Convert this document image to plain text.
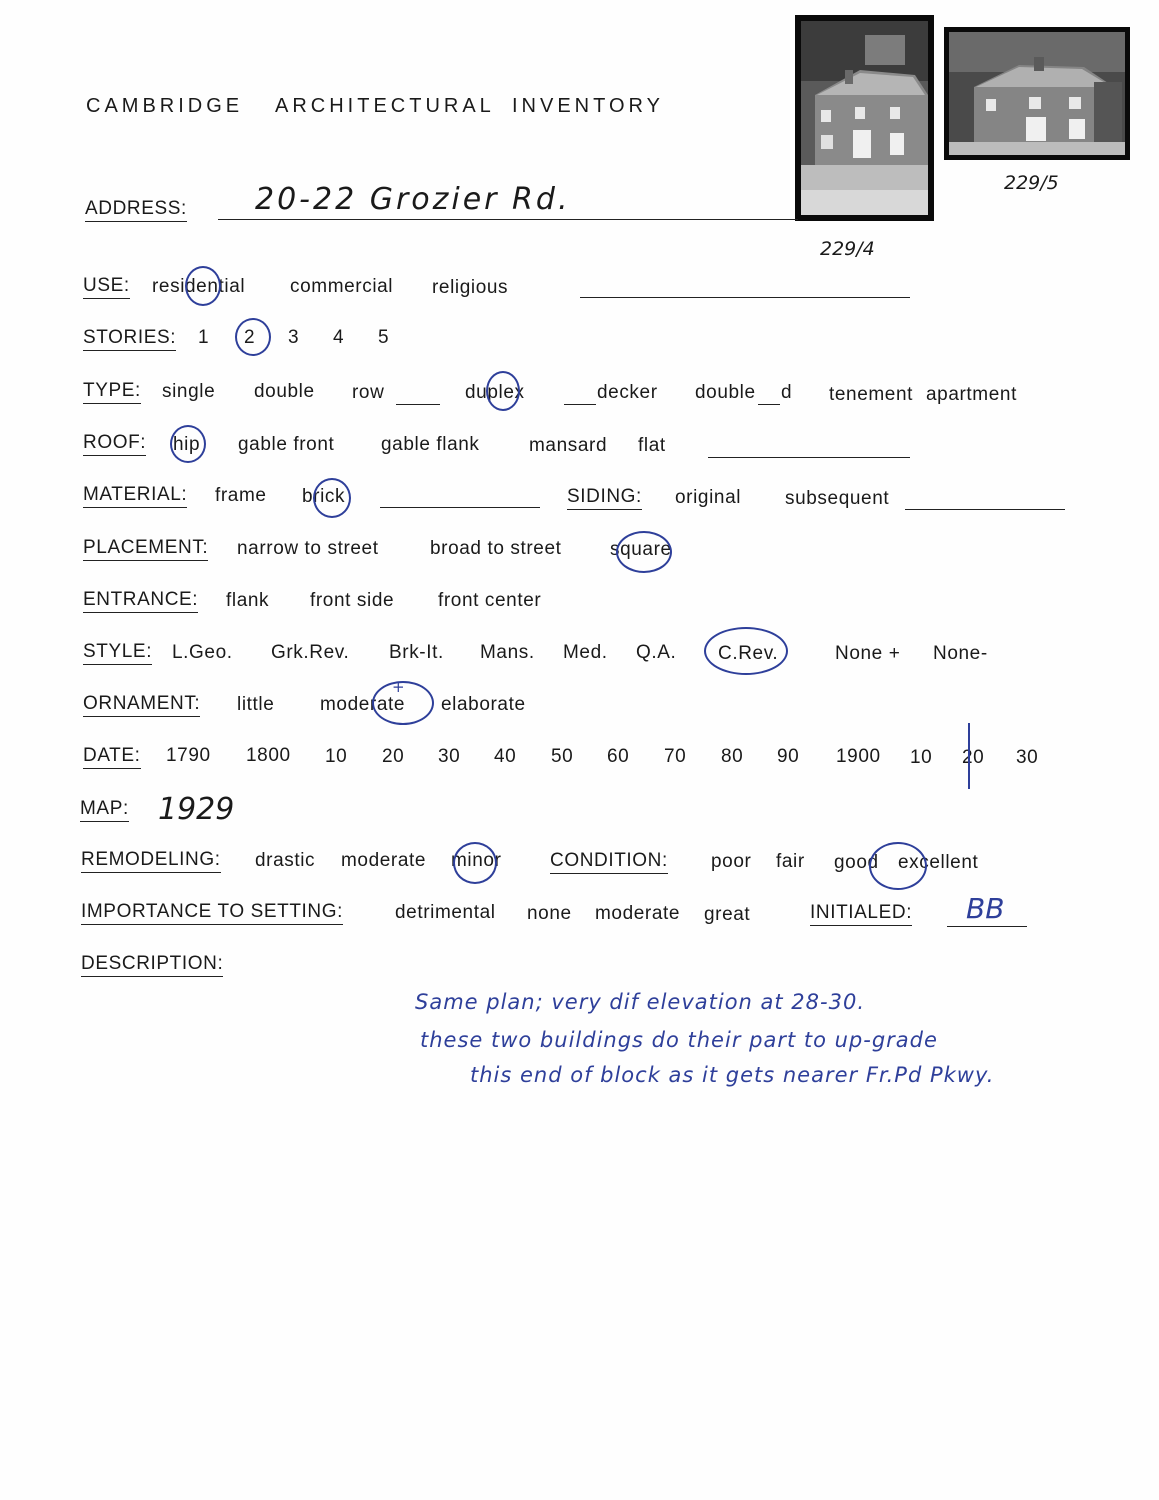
CAMBRIDGE ARCHITECTURAL INVENTORY
229/5
229/4
ADDRESS: 20-22 Grozier Rd.
USE: residential commercial religious
STORIES: 1 2 3 4 5
TYPE: single double row	duplex	decker double d tenement apartment
ROOF: hip gable front gable flank	mansard flat
MATERIAL: frame brick	SIDING: original subsequent
PLACEMENT: narrow to street	broad to street	square
ENTRANCE: flank front side front center
STYLE: L.Geo. Grk.Rev. Brk-It. Mans. Med. Q.A. C.Rev.	None + None-
ORNAMENT: little moderate elaborate
+
DATE: 1790 1800 10 20 30 40 50 60 70 80 90 1900 10 20 30
MAP: 1929
REMODELING: drastic moderate minor	CONDITION: poor fair good excellent
IMPORTANCE TO SETTING:	detrimental none moderate great	INITIALED: BB
DESCRIPTION:
Same plan; very dif elevation at 28-30.
these two buildings do their part to up-grade
this end of block as it gets nearer Fr.Pd Pkwy.
